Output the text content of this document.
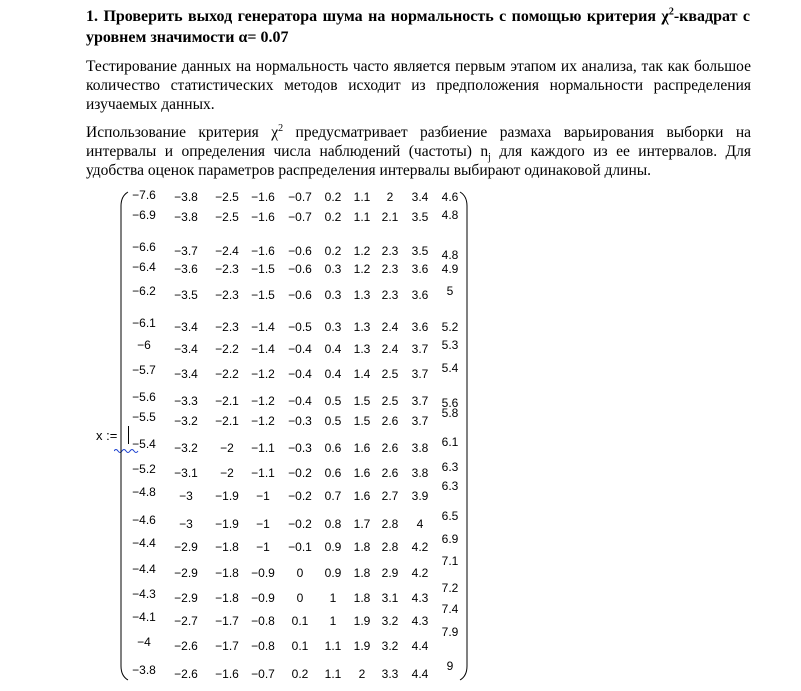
1. Проверить выход генератора шума на нормальность с помощью критерия $\chi^2$-квадрат с уровнем значимости α= 0.07

Тестирование данных на нормальность часто является первым этапом их анализа, так как большое количество статистических методов исходит из предположения нормальности распределения изучаемых данных.

Использование критерия $\chi^2$ предусматривает разбиение размаха варьирования выборки на интервалы и определения числа наблюдений (частоты) $n_j$ для каждого из ее интервалов. Для удобства оценок параметров распределения интервалы выбирают одинаковой длины.

x :=
−7.6 −3.8 −2.5 −1.6 −0.7 0.2 1.1 2 3.4 4.6
−6.9 −3.8 −2.5 −1.6 −0.7 0.2 1.1 2.1 3.5 4.8
−6.6 −3.7 −2.4 −1.6 −0.6 0.2 1.2 2.3 3.5 4.8
−6.4 −3.6 −2.3 −1.5 −0.6 0.3 1.2 2.3 3.6 4.9
−6.2 −3.5 −2.3 −1.5 −0.6 0.3 1.3 2.3 3.6 5
−6.1 −3.4 −2.3 −1.4 −0.5 0.3 1.3 2.4 3.6 5.2
−6 −3.4 −2.2 −1.4 −0.4 0.4 1.3 2.4 3.7 5.3
−5.7 −3.4 −2.2 −1.2 −0.4 0.4 1.4 2.5 3.7 5.4
−5.6 −3.3 −2.1 −1.2 −0.4 0.5 1.5 2.5 3.7 5.6
−5.5 −3.2 −2.1 −1.2 −0.3 0.5 1.5 2.6 3.7
5.8
−5.4 −3.2 −2 −1.1 −0.3 0.6 1.6 2.6 3.8 6.1
−5.2 −3.1 −2 −1.1 −0.2 0.6 1.6 2.6 3.8 6.3
−4.8 −3 −1.9 −1 −0.2 0.7 1.6 2.7 3.9
6.3
−4.6 −3 −1.9 −1 −0.2 0.8 1.7 2.8 4
6.5
−4.4 −2.9 −1.8 −1 −0.1 0.9 1.8 2.8 4.2
6.9
−4.4 −2.9 −1.8 −0.9 0 0.9 1.8 2.9 4.2
7.1
−4.3 −2.9 −1.8 −0.9 0 1 1.8 3.1 4.3
7.2
−4.1 −2.7 −1.7 −0.8 0.1 1 1.9 3.2 4.3
7.4
−4 −2.6 −1.7 −0.8 0.1 1.1 1.9 3.2 4.4
7.9
−3.8 −2.6 −1.6 −0.7 0.2 1.1 2 3.3 4.4
9
